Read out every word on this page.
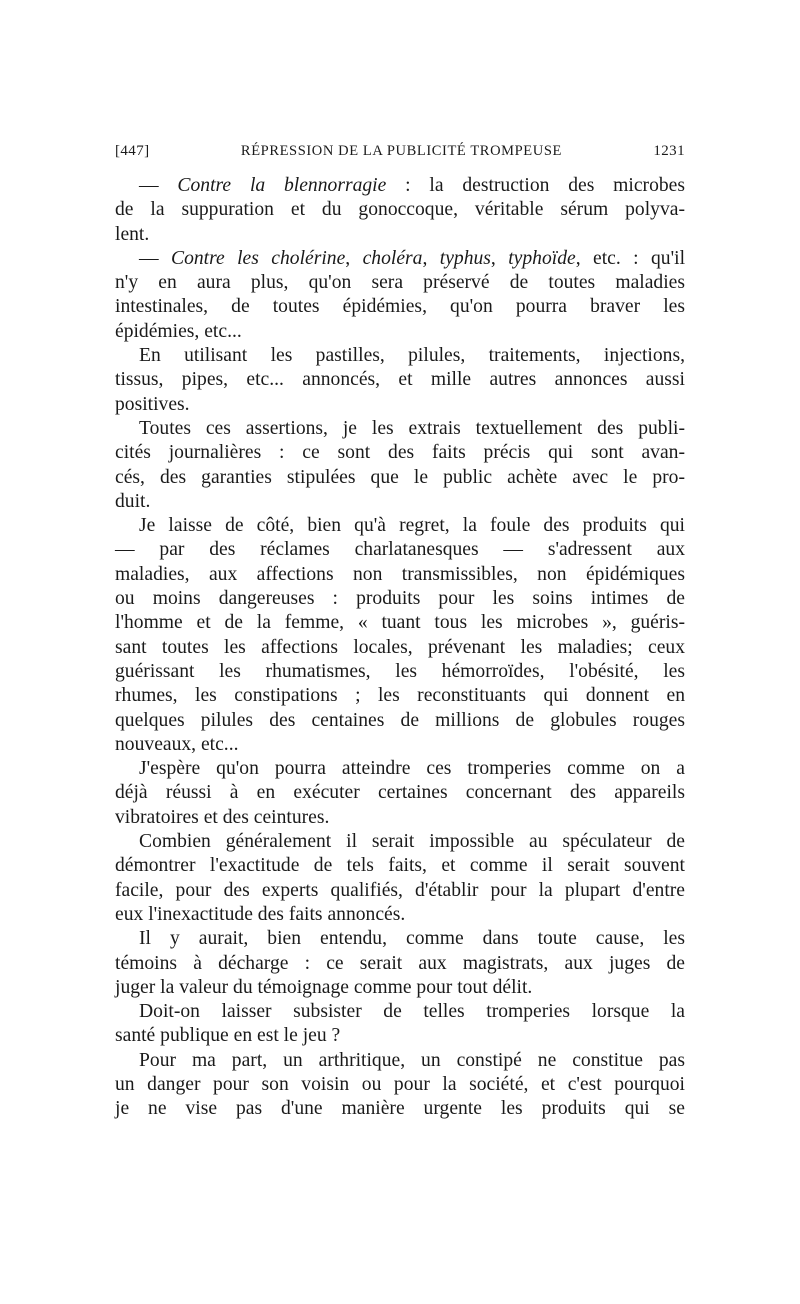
[447]	RÉPRESSION DE LA PUBLICITÉ TROMPEUSE	1231
— Contre la blennorragie : la destruction des microbes
de la suppuration et du gonoccoque, véritable sérum polyva-
lent.
— Contre les cholérine, choléra, typhus, typhoïde, etc. : qu'il
n'y en aura plus, qu'on sera préservé de toutes maladies
intestinales, de toutes épidémies, qu'on pourra braver les
épidémies, etc...
En utilisant les pastilles, pilules, traitements, injections,
tissus, pipes, etc... annoncés, et mille autres annonces aussi
positives.
Toutes ces assertions, je les extrais textuellement des publi-
cités journalières : ce sont des faits précis qui sont avan-
cés, des garanties stipulées que le public achète avec le pro-
duit.
Je laisse de côté, bien qu'à regret, la foule des produits qui
— par des réclames charlatanesques — s'adressent aux
maladies, aux affections non transmissibles, non épidémiques
ou moins dangereuses : produits pour les soins intimes de
l'homme et de la femme, « tuant tous les microbes », guéris-
sant toutes les affections locales, prévenant les maladies; ceux
guérissant les rhumatismes, les hémorroïdes, l'obésité, les
rhumes, les constipations ; les reconstituants qui donnent en
quelques pilules des centaines de millions de globules rouges
nouveaux, etc...
J'espère qu'on pourra atteindre ces tromperies comme on a
déjà réussi à en exécuter certaines concernant des appareils
vibratoires et des ceintures.
Combien généralement il serait impossible au spéculateur de
démontrer l'exactitude de tels faits, et comme il serait souvent
facile, pour des experts qualifiés, d'établir pour la plupart d'entre
eux l'inexactitude des faits annoncés.
Il y aurait, bien entendu, comme dans toute cause, les
témoins à décharge : ce serait aux magistrats, aux juges de
juger la valeur du témoignage comme pour tout délit.
Doit-on laisser subsister de telles tromperies lorsque la
santé publique en est le jeu ?
Pour ma part, un arthritique, un constipé ne constitue pas
un danger pour son voisin ou pour la société, et c'est pourquoi
je ne vise pas d'une manière urgente les produits qui se
